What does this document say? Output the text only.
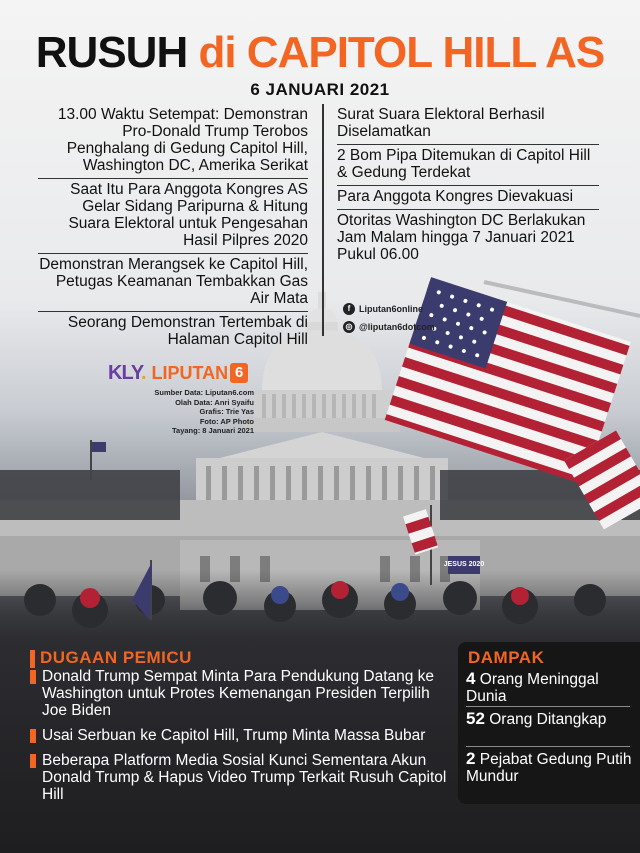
JESUS 2020
RUSUH di CAPITOL HILL AS
6 JANUARI 2021
13.00 Waktu Setempat: Demonstran Pro-Donald Trump Terobos Penghalang di Gedung Capitol Hill, Washington DC, Amerika Serikat
Saat Itu Para Anggota Kongres AS Gelar Sidang Paripurna & Hitung Suara Elektoral untuk Pengesahan Hasil Pilpres 2020
Demonstran Merangsek ke Capitol Hill, Petugas Keamanan Tembakkan Gas Air Mata
Seorang Demonstran Tertembak di Halaman Capitol Hill
Surat Suara Elektoral Berhasil Diselamatkan
2 Bom Pipa Ditemukan di Capitol Hill & Gedung Terdekat
Para Anggota Kongres Dievakuasi
Otoritas Washington DC Berlakukan Jam Malam hingga 7 Januari 2021 Pukul 06.00
f Liputan6online
◎ @liputan6dotcom
KLY. LIPUTAN 6
Sumber Data: Liputan6.com
Olah Data: Anri Syaifu
Grafis: Trie Yas
Foto: AP Photo
Tayang: 8 Januari 2021
DUGAAN PEMICU
Donald Trump Sempat Minta Para Pendukung Datang ke Washington untuk Protes Kemenangan Presiden Terpilih Joe Biden
Usai Serbuan ke Capitol Hill, Trump Minta Massa Bubar
Beberapa Platform Media Sosial Kunci Sementara Akun Donald Trump & Hapus Video Trump Terkait Rusuh Capitol Hill
DAMPAK
4 Orang Meninggal Dunia
52 Orang Ditangkap
2 Pejabat Gedung Putih Mundur
